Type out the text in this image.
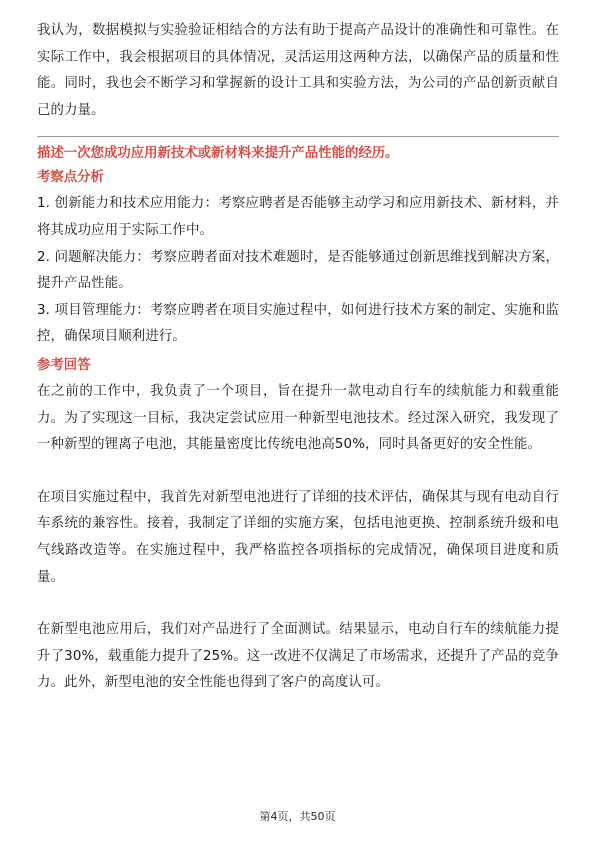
我认为，数据模拟与实验验证相结合的方法有助于提高产品设计的准确性和可靠性。在实际工作中，我会根据项目的具体情况，灵活运用这两种方法，以确保产品的质量和性能。同时，我也会不断学习和掌握新的设计工具和实验方法，为公司的产品创新贡献自己的力量。

描述一次您成功应用新技术或新材料来提升产品性能的经历。

考察点分析

1. 创新能力和技术应用能力：考察应聘者是否能够主动学习和应用新技术、新材料，并将其成功应用于实际工作中。

2. 问题解决能力：考察应聘者面对技术难题时，是否能够通过创新思维找到解决方案，提升产品性能。

3. 项目管理能力：考察应聘者在项目实施过程中，如何进行技术方案的制定、实施和监控，确保项目顺利进行。

参考回答

在之前的工作中，我负责了一个项目，旨在提升一款电动自行车的续航能力和载重能力。为了实现这一目标，我决定尝试应用一种新型电池技术。经过深入研究，我发现了一种新型的锂离子电池，其能量密度比传统电池高50%，同时具备更好的安全性能。

在项目实施过程中，我首先对新型电池进行了详细的技术评估，确保其与现有电动自行车系统的兼容性。接着，我制定了详细的实施方案，包括电池更换、控制系统升级和电气线路改造等。在实施过程中，我严格监控各项指标的完成情况，确保项目进度和质量。

在新型电池应用后，我们对产品进行了全面测试。结果显示，电动自行车的续航能力提升了30%，载重能力提升了25%。这一改进不仅满足了市场需求，还提升了产品的竞争力。此外，新型电池的安全性能也得到了客户的高度认可。

第4页，共50页
